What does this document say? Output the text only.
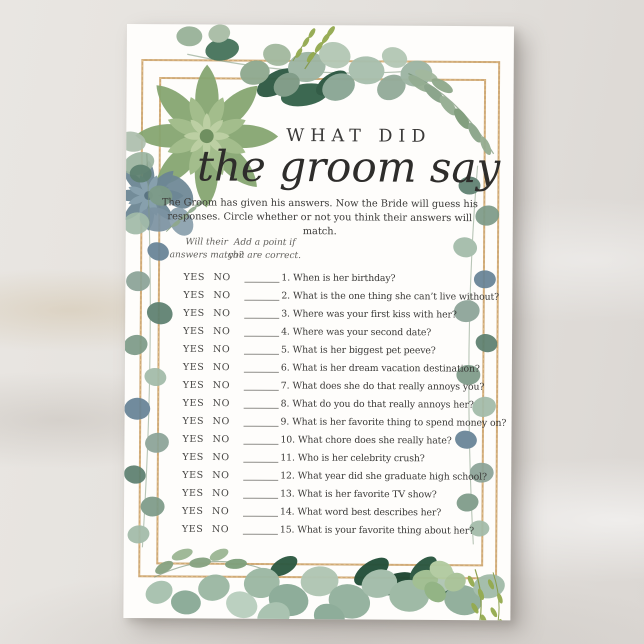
WHAT DID
the groom say

The Groom has given his answers. Now the Bride will guess his
responses. Circle whether or not you think their answers will match.

Will their
answers match?
Add a point if
you are correct.
YES NO	1. When is her birthday?
YES NO	2. What is the one thing she can’t live without?
YES NO	3. Where was your first kiss with her?
YES NO	4. Where was your second date?
YES NO	5. What is her biggest pet peeve?
YES NO	6. What is her dream vacation destination?
YES NO	7. What does she do that really annoys you?
YES NO	8. What do you do that really annoys her?
YES NO	9. What is her favorite thing to spend money on?
YES NO	10. What chore does she really hate?
YES NO	11. Who is her celebrity crush?
YES NO	12. What year did she graduate high school?
YES NO	13. What is her favorite TV show?
YES NO	14. What word best describes her?
YES NO	15. What is your favorite thing about her?
